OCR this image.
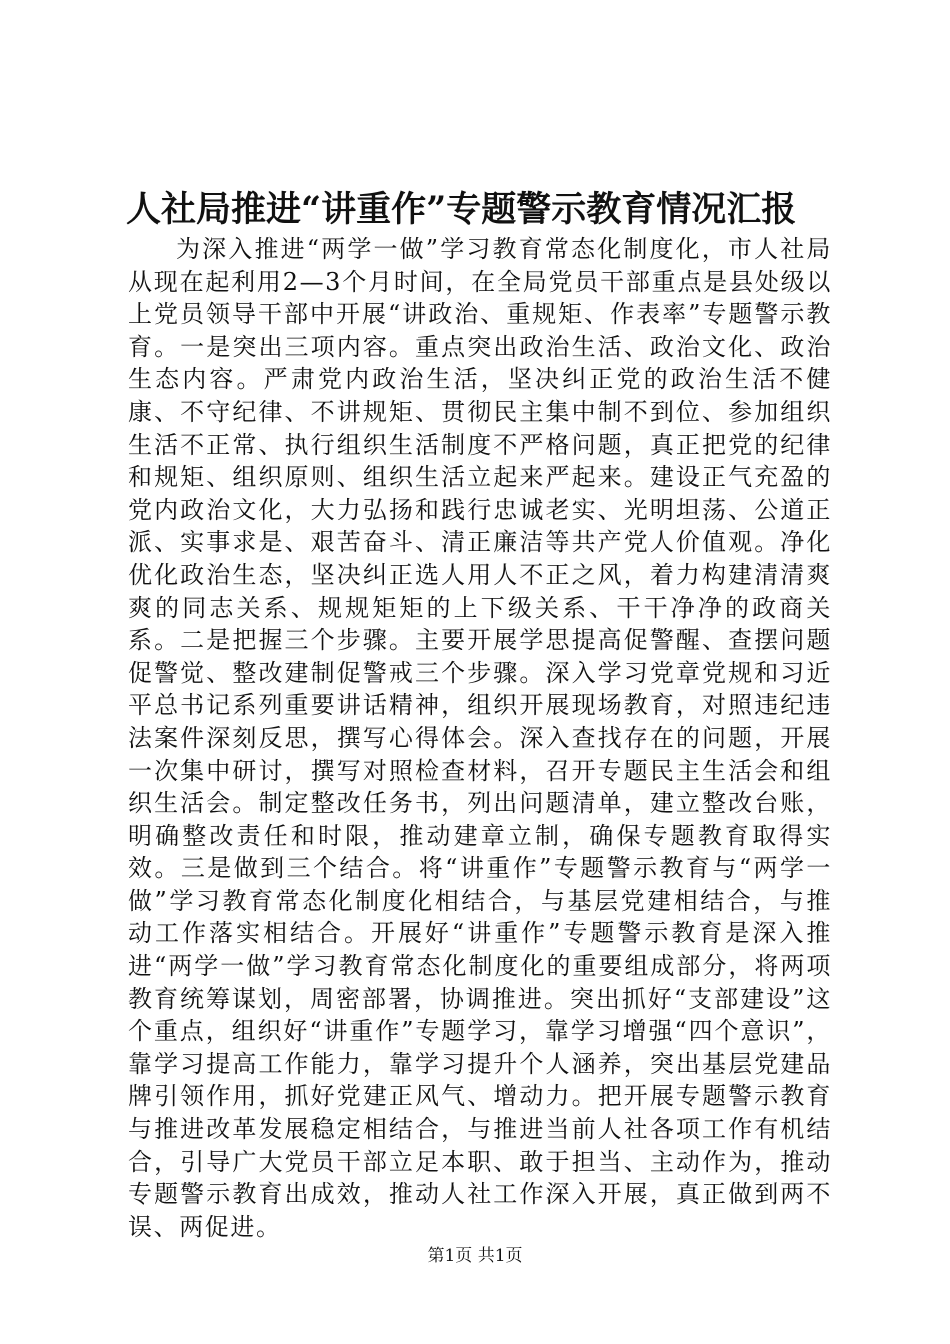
人社局推进“讲重作”专题警示教育情况汇报

为深入推进“两学一做”学习教育常态化制度化，市人社局从现在起利用2—3个月时间，在全局党员干部重点是县处级以上党员领导干部中开展“讲政治、重规矩、作表率”专题警示教育。一是突出三项内容。重点突出政治生活、政治文化、政治生态内容。严肃党内政治生活，坚决纠正党的政治生活不健康、不守纪律、不讲规矩、贯彻民主集中制不到位、参加组织生活不正常、执行组织生活制度不严格问题，真正把党的纪律和规矩、组织原则、组织生活立起来严起来。建设正气充盈的党内政治文化，大力弘扬和践行忠诚老实、光明坦荡、公道正派、实事求是、艰苦奋斗、清正廉洁等共产党人价值观。净化优化政治生态，坚决纠正选人用人不正之风，着力构建清清爽爽的同志关系、规规矩矩的上下级关系、干干净净的政商关系。二是把握三个步骤。主要开展学思提高促警醒、查摆问题促警觉、整改建制促警戒三个步骤。深入学习党章党规和习近平总书记系列重要讲话精神，组织开展现场教育，对照违纪违法案件深刻反思，撰写心得体会。深入查找存在的问题，开展一次集中研讨，撰写对照检查材料，召开专题民主生活会和组织生活会。制定整改任务书，列出问题清单，建立整改台账，明确整改责任和时限，推动建章立制，确保专题教育取得实效。三是做到三个结合。将“讲重作”专题警示教育与“两学一做”学习教育常态化制度化相结合，与基层党建相结合，与推动工作落实相结合。开展好“讲重作”专题警示教育是深入推进“两学一做”学习教育常态化制度化的重要组成部分，将两项教育统筹谋划，周密部署，协调推进。突出抓好“支部建设”这个重点，组织好“讲重作”专题学习，靠学习增强“四个意识”，靠学习提高工作能力，靠学习提升个人涵养，突出基层党建品牌引领作用，抓好党建正风气、增动力。把开展专题警示教育与推进改革发展稳定相结合，与推进当前人社各项工作有机结合，引导广大党员干部立足本职、敢于担当、主动作为，推动专题警示教育出成效，推动人社工作深入开展，真正做到两不误、两促进。

第1页 共1页
